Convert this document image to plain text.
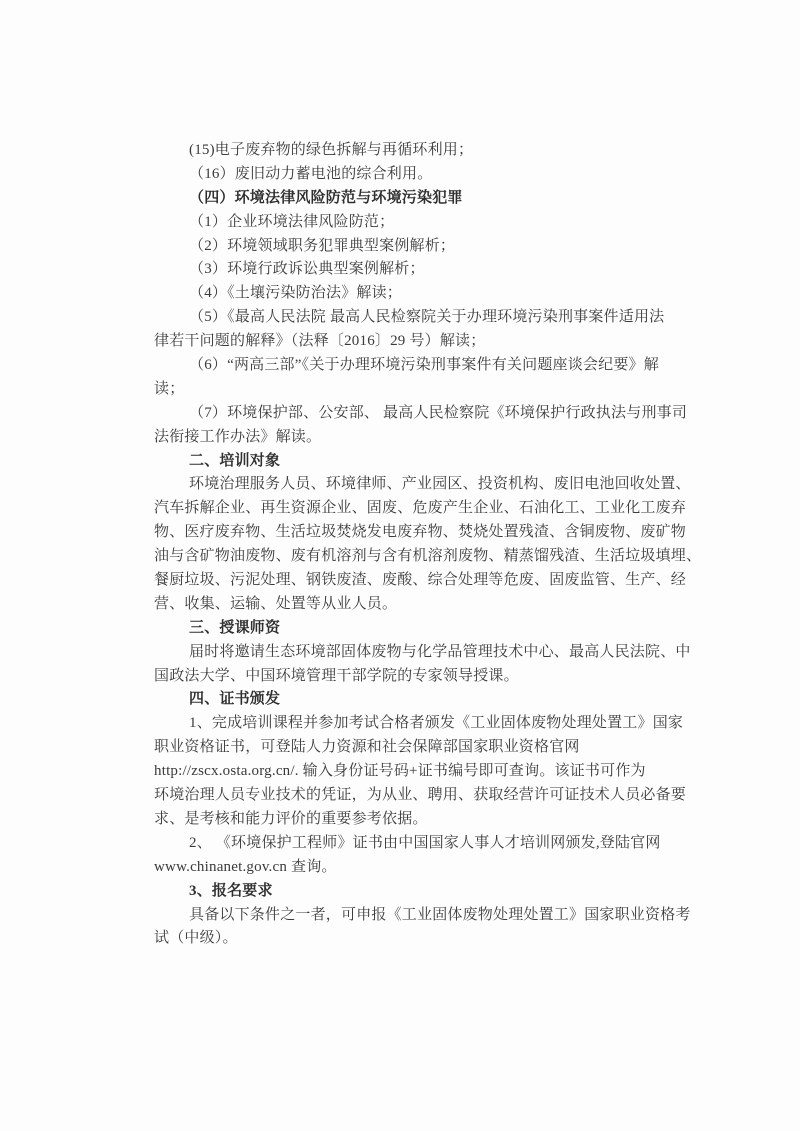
(15)电子废弃物的绿色拆解与再循环利用；
（16）废旧动力蓄电池的综合利用。
（四）环境法律风险防范与环境污染犯罪
（1）企业环境法律风险防范；
（2）环境领域职务犯罪典型案例解析；
（3）环境行政诉讼典型案例解析；
（4）《土壤污染防治法》解读；
（5）《最高人民法院 最高人民检察院关于办理环境污染刑事案件适用法
律若干问题的解释》（法释〔2016〕29 号）解读；
（6）“两高三部”《关于办理环境污染刑事案件有关问题座谈会纪要》解
读；
（7）环境保护部、公安部、 最高人民检察院《环境保护行政执法与刑事司
法衔接工作办法》解读。
二、培训对象
环境治理服务人员、环境律师、产业园区、投资机构、废旧电池回收处置、
汽车拆解企业、再生资源企业、固废、危废产生企业、石油化工、工业化工废弃
物、医疗废弃物、生活垃圾焚烧发电废弃物、焚烧处置残渣、含铜废物、废矿物
油与含矿物油废物、废有机溶剂与含有机溶剂废物、精蒸馏残渣、生活垃圾填埋、
餐厨垃圾、污泥处理、钢铁废渣、废酸、综合处理等危废、固废监管、生产、经
营、收集、运输、处置等从业人员。
三、授课师资
届时将邀请生态环境部固体废物与化学品管理技术中心、最高人民法院、中
国政法大学、中国环境管理干部学院的专家领导授课。
四、证书颁发
1、完成培训课程并参加考试合格者颁发《工业固体废物处理处置工》国家
职业资格证书，可登陆人力资源和社会保障部国家职业资格官网
http://zscx.osta.org.cn/. 输入身份证号码+证书编号即可查询。该证书可作为
环境治理人员专业技术的凭证，为从业、聘用、获取经营许可证技术人员必备要
求、是考核和能力评价的重要参考依据。
2、 《环境保护工程师》证书由中国国家人事人才培训网颁发,登陆官网
www.chinanet.gov.cn 查询。
3、报名要求
具备以下条件之一者，可申报《工业固体废物处理处置工》国家职业资格考
试（中级）。
